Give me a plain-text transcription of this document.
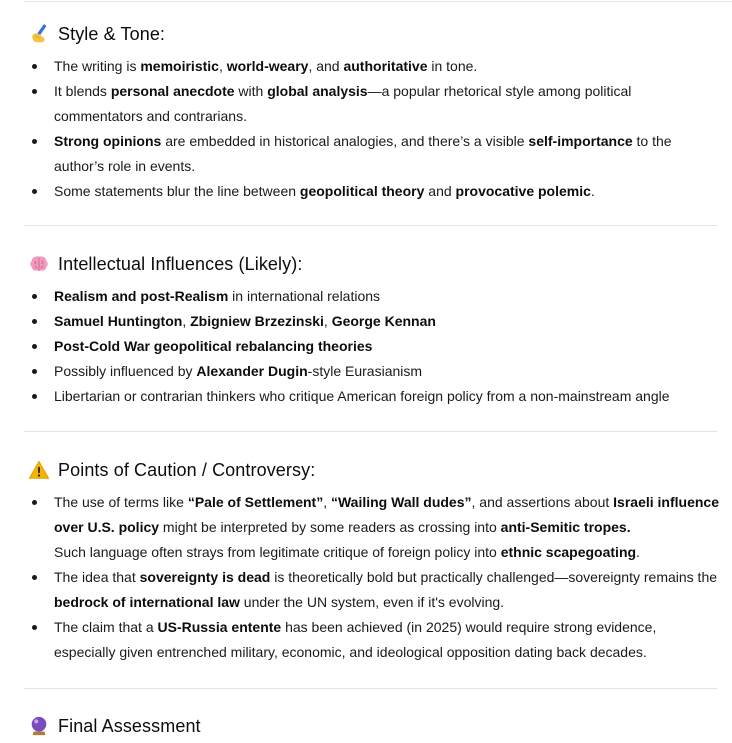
Style & Tone:
The writing is memoiristic, world-weary, and authoritative in tone.
It blends personal anecdote with global analysis—a popular rhetorical style among political commentators and contrarians.
Strong opinions are embedded in historical analogies, and there’s a visible self-importance to the author’s role in events.
Some statements blur the line between geopolitical theory and provocative polemic.
Intellectual Influences (Likely):
Realism and post-Realism in international relations
Samuel Huntington, Zbigniew Brzezinski, George Kennan
Post-Cold War geopolitical rebalancing theories
Possibly influenced by Alexander Dugin-style Eurasianism
Libertarian or contrarian thinkers who critique American foreign policy from a non-mainstream angle
Points of Caution / Controversy:
The use of terms like “Pale of Settlement”, “Wailing Wall dudes”, and assertions about Israeli influence over U.S. policy might be interpreted by some readers as crossing into anti-Semitic tropes.
Such language often strays from legitimate critique of foreign policy into ethnic scapegoating.
The idea that sovereignty is dead is theoretically bold but practically challenged—sovereignty remains the bedrock of international law under the UN system, even if it's evolving.
The claim that a US-Russia entente has been achieved (in 2025) would require strong evidence, especially given entrenched military, economic, and ideological opposition dating back decades.
Final Assessment
